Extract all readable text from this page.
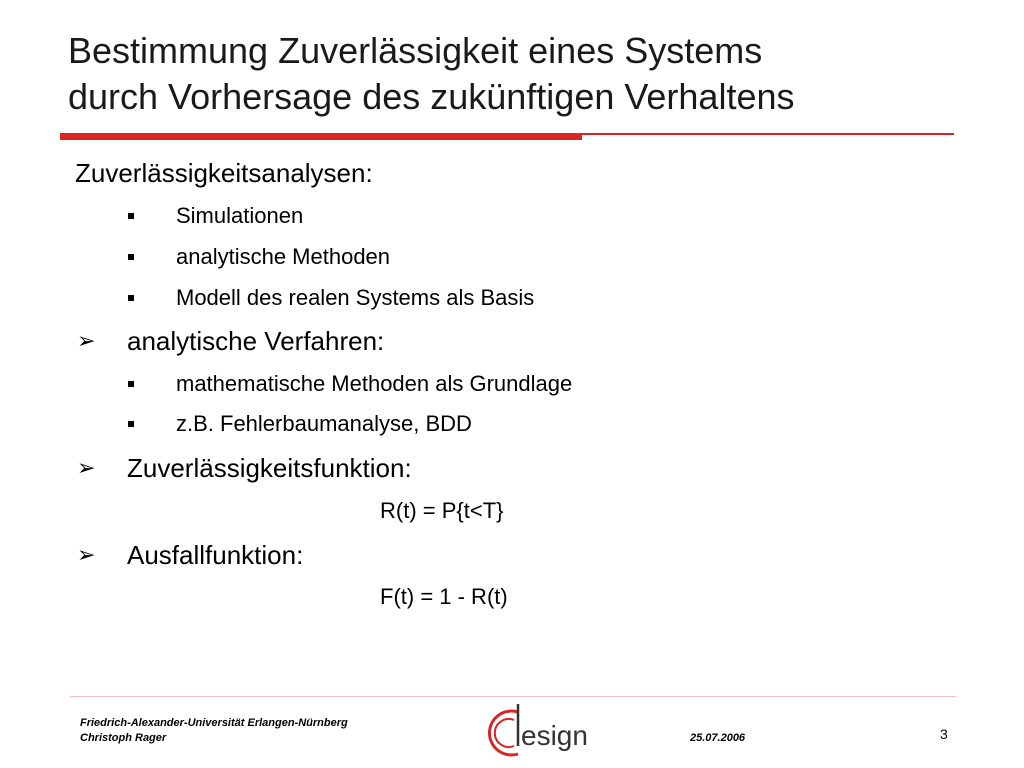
Bestimmung Zuverlässigkeit eines Systems
durch Vorhersage des zukünftigen Verhaltens
Zuverlässigkeitsanalysen:
Simulationen
analytische Methoden
Modell des realen Systems als Basis
➢	analytische Verfahren:
mathematische Methoden als Grundlage
z.B. Fehlerbaumanalyse, BDD
➢	Zuverlässigkeitsfunktion:
R(t) = P{t<T}
➢	Ausfallfunktion:
F(t) = 1 - R(t)
Friedrich-Alexander-Universität Erlangen-Nürnberg
Christoph Rager	esign	25.07.2006	3
